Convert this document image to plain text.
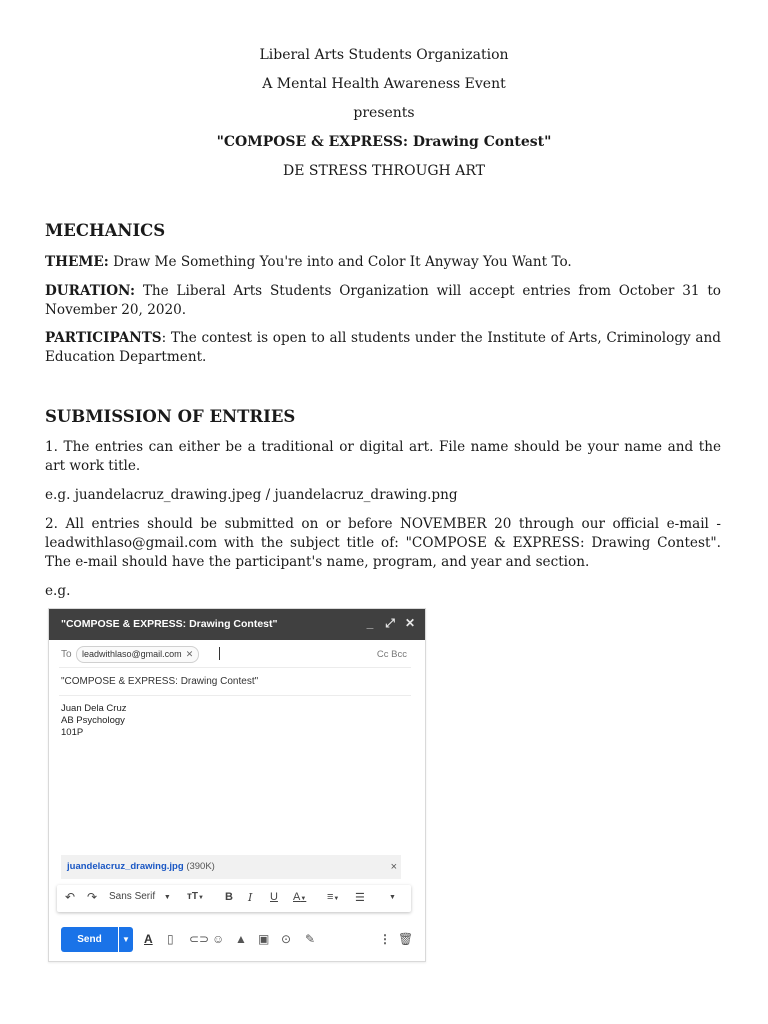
Liberal Arts Students Organization
A Mental Health Awareness Event
presents
"COMPOSE & EXPRESS: Drawing Contest"
DE STRESS THROUGH ART
MECHANICS

THEME: Draw Me Something You're into and Color It Anyway You Want To.

DURATION: The Liberal Arts Students Organization will accept entries from October 31 to November 20, 2020.

PARTICIPANTS: The contest is open to all students under the Institute of Arts, Criminology and Education Department.

SUBMISSION OF ENTRIES

1. The entries can either be a traditional or digital art. File name should be your name and the art work title.

e.g. juandelacruz_drawing.jpeg / juandelacruz_drawing.png

2. All entries should be submitted on or before NOVEMBER 20 through our official e-mail - leadwithlaso@gmail.com with the subject title of: "COMPOSE & EXPRESS: Drawing Contest". The e-mail should have the participant's name, program, and year and section.

e.g.

"COMPOSE & EXPRESS: Drawing Contest"	_ ⤢ ✕
To	leadwithlaso@gmail.com ✕	Cc Bcc
"COMPOSE & EXPRESS: Drawing Contest"
Juan Dela Cruz
AB Psychology
101P
juandelacruz_drawing.jpg (390K)	×
↶ ↷ Sans Serif ▼ тT▼ B I U A▼ ≡▼ ☰	▼
Send	▼ A ▯ ⊂⊃ ☺ ▲ ▣ ⊙ ✎	⋮ 🗑
